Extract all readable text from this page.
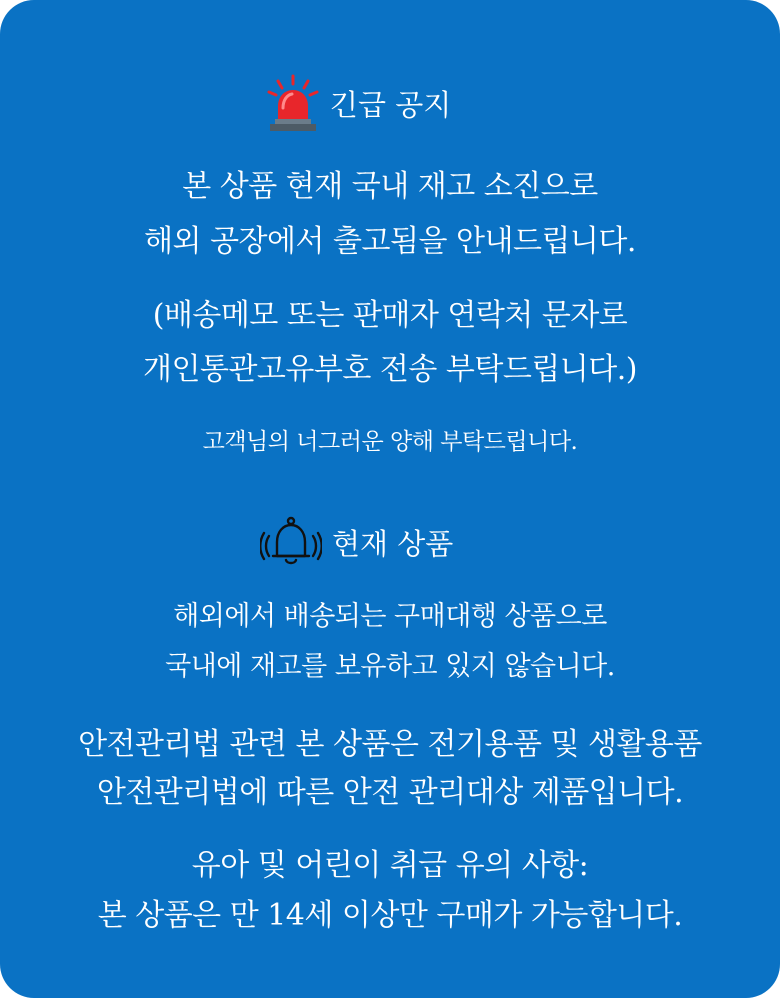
긴급 공지
본 상품 현재 국내 재고 소진으로
해외 공장에서 출고됨을 안내드립니다.
(배송메모 또는 판매자 연락처 문자로
개인통관고유부호 전송 부탁드립니다.)
고객님의 너그러운 양해 부탁드립니다.
현재 상품
해외에서 배송되는 구매대행 상품으로
국내에 재고를 보유하고 있지 않습니다.
안전관리법 관련 본 상품은 전기용품 및 생활용품
안전관리법에 따른 안전 관리대상 제품입니다.
유아 및 어린이 취급 유의 사항:
본 상품은 만 14세 이상만 구매가 가능합니다.
